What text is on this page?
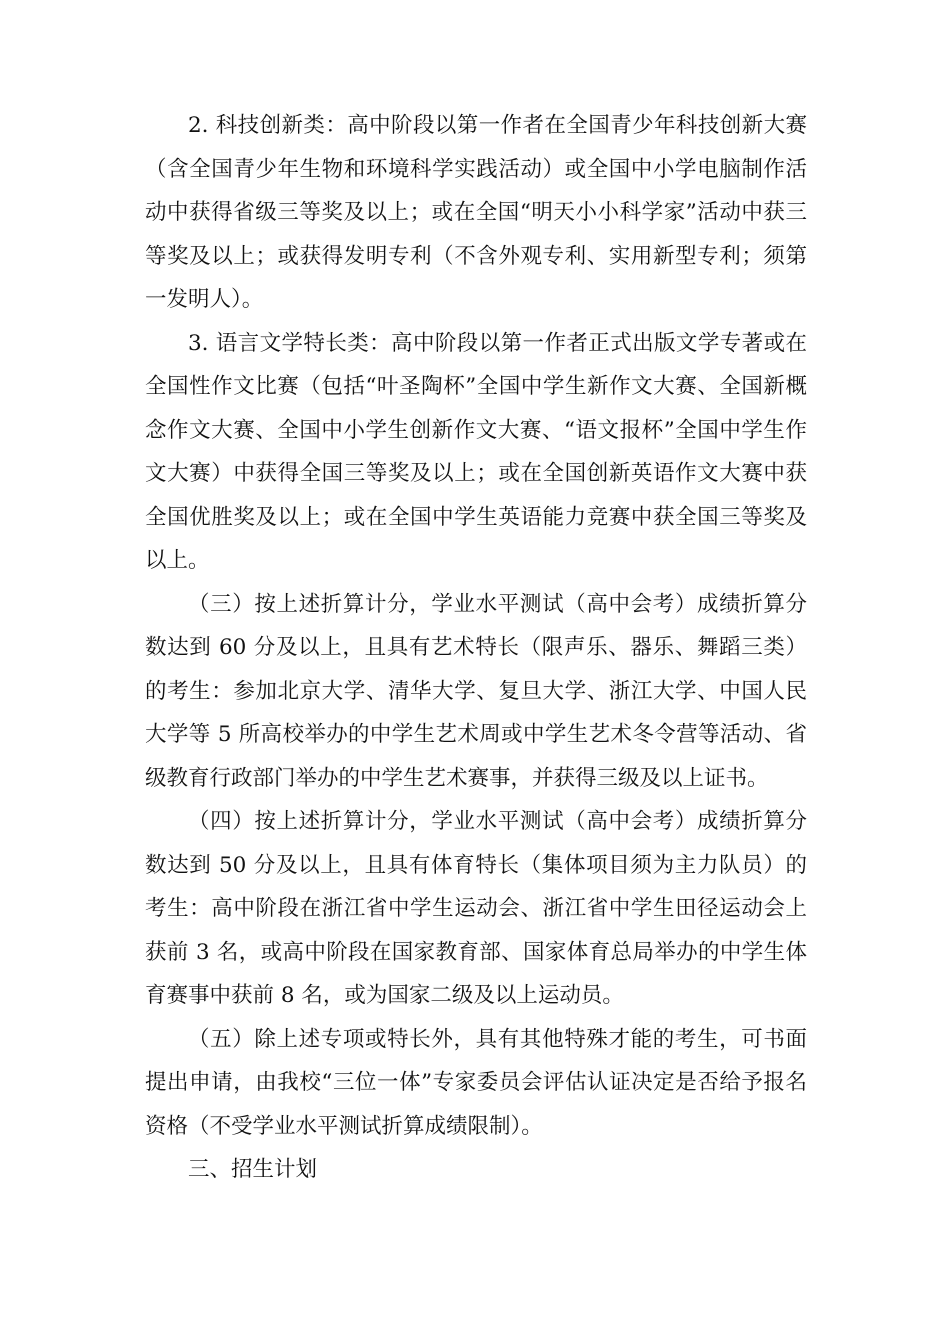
2. 科技创新类：高中阶段以第一作者在全国青少年科技创新大赛（含全国青少年生物和环境科学实践活动）或全国中小学电脑制作活动中获得省级三等奖及以上；或在全国“明天小小科学家”活动中获三等奖及以上；或获得发明专利（不含外观专利、实用新型专利；须第一发明人）。

3. 语言文学特长类：高中阶段以第一作者正式出版文学专著或在全国性作文比赛（包括“叶圣陶杯”全国中学生新作文大赛、全国新概念作文大赛、全国中小学生创新作文大赛、“语文报杯”全国中学生作文大赛）中获得全国三等奖及以上；或在全国创新英语作文大赛中获全国优胜奖及以上；或在全国中学生英语能力竞赛中获全国三等奖及以上。

（三）按上述折算计分，学业水平测试（高中会考）成绩折算分数达到 60 分及以上，且具有艺术特长（限声乐、器乐、舞蹈三类）的考生：参加北京大学、清华大学、复旦大学、浙江大学、中国人民大学等 5 所高校举办的中学生艺术周或中学生艺术冬令营等活动、省级教育行政部门举办的中学生艺术赛事，并获得三级及以上证书。

（四）按上述折算计分，学业水平测试（高中会考）成绩折算分数达到 50 分及以上，且具有体育特长（集体项目须为主力队员）的考生：高中阶段在浙江省中学生运动会、浙江省中学生田径运动会上获前 3 名，或高中阶段在国家教育部、国家体育总局举办的中学生体育赛事中获前 8 名，或为国家二级及以上运动员。

（五）除上述专项或特长外，具有其他特殊才能的考生，可书面提出申请，由我校“三位一体”专家委员会评估认证决定是否给予报名资格（不受学业水平测试折算成绩限制）。

三、招生计划
